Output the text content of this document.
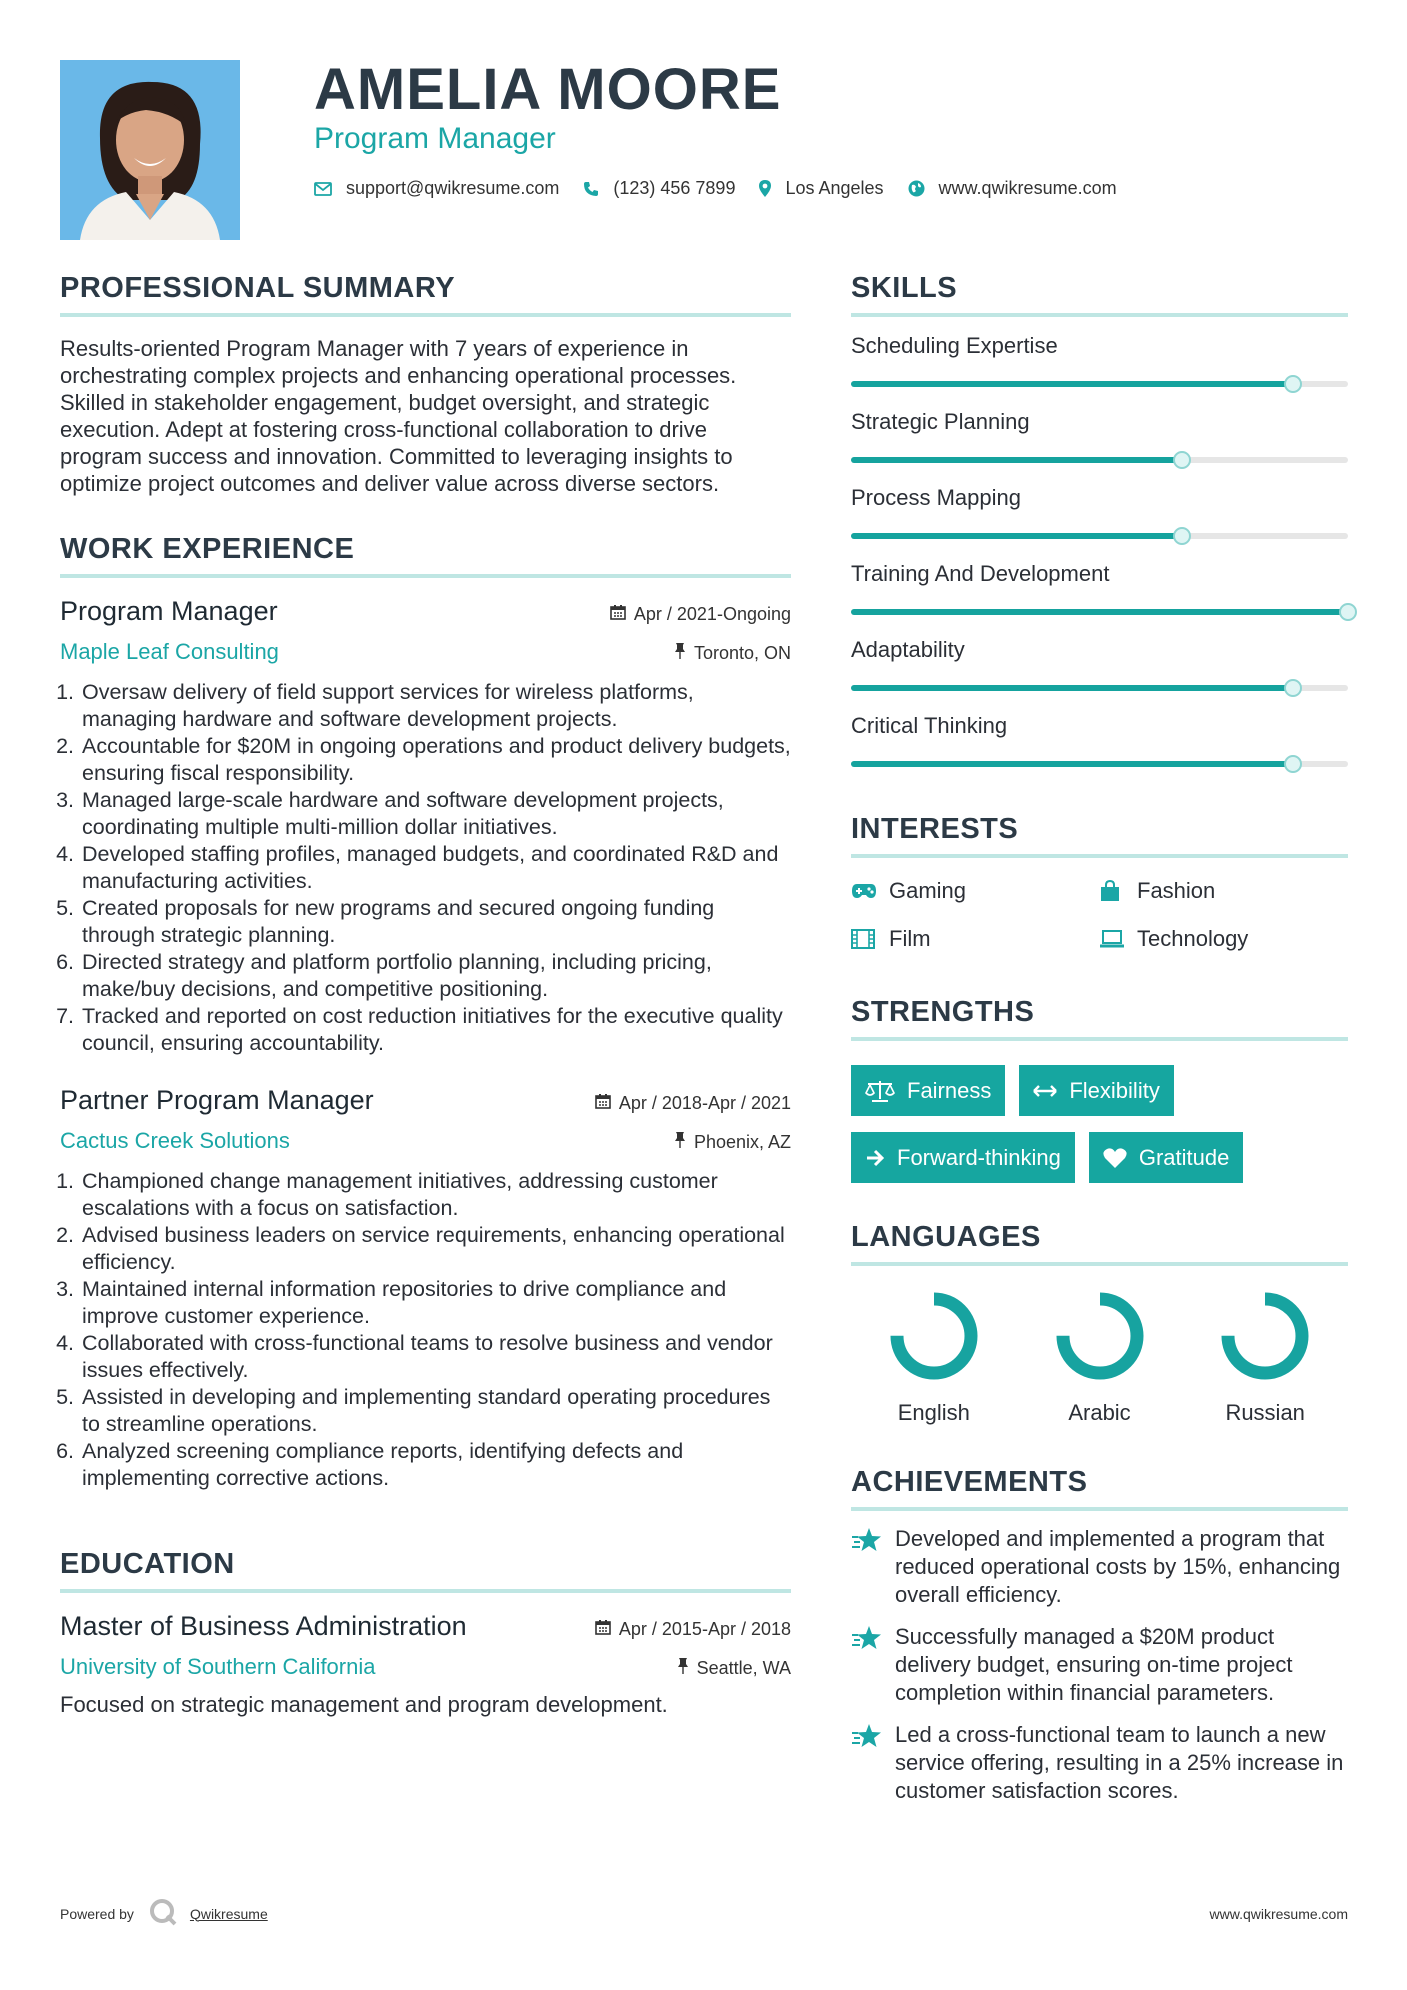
AMELIA MOORE
Program Manager
support@qwikresume.com	(123) 456 7899	Los Angeles	www.qwikresume.com
PROFESSIONAL SUMMARY
Results-oriented Program Manager with 7 years of experience in orchestrating complex projects and enhancing operational processes. Skilled in stakeholder engagement, budget oversight, and strategic execution. Adept at fostering cross-functional collaboration to drive program success and innovation. Committed to leveraging insights to optimize project outcomes and deliver value across diverse sectors.
WORK EXPERIENCE
Program Manager	Apr / 2021-Ongoing
Maple Leaf Consulting	Toronto, ON
1. Oversaw delivery of field support services for wireless platforms, managing hardware and software development projects.
2. Accountable for $20M in ongoing operations and product delivery budgets, ensuring fiscal responsibility.
3. Managed large-scale hardware and software development projects, coordinating multiple multi-million dollar initiatives.
4. Developed staffing profiles, managed budgets, and coordinated R&D and manufacturing activities.
5. Created proposals for new programs and secured ongoing funding through strategic planning.
6. Directed strategy and platform portfolio planning, including pricing, make/buy decisions, and competitive positioning.
7. Tracked and reported on cost reduction initiatives for the executive quality council, ensuring accountability.
Partner Program Manager	Apr / 2018-Apr / 2021
Cactus Creek Solutions	Phoenix, AZ
1. Championed change management initiatives, addressing customer escalations with a focus on satisfaction.
2. Advised business leaders on service requirements, enhancing operational efficiency.
3. Maintained internal information repositories to drive compliance and improve customer experience.
4. Collaborated with cross-functional teams to resolve business and vendor issues effectively.
5. Assisted in developing and implementing standard operating procedures to streamline operations.
6. Analyzed screening compliance reports, identifying defects and implementing corrective actions.
EDUCATION
Master of Business Administration	Apr / 2015-Apr / 2018
University of Southern California	Seattle, WA
Focused on strategic management and program development.
SKILLS
Scheduling Expertise
Strategic Planning
Process Mapping
Training And Development
Adaptability
Critical Thinking
INTERESTS
Gaming	Fashion
Film	Technology
STRENGTHS
Fairness	Flexibility
Forward-thinking	Gratitude
LANGUAGES
English	Arabic	Russian
ACHIEVEMENTS
Developed and implemented a program that reduced operational costs by 15%, enhancing overall efficiency.
Successfully managed a $20M product delivery budget, ensuring on-time project completion within financial parameters.
Led a cross-functional team to launch a new service offering, resulting in a 25% increase in customer satisfaction scores.
Powered by	Qwikresume	www.qwikresume.com
